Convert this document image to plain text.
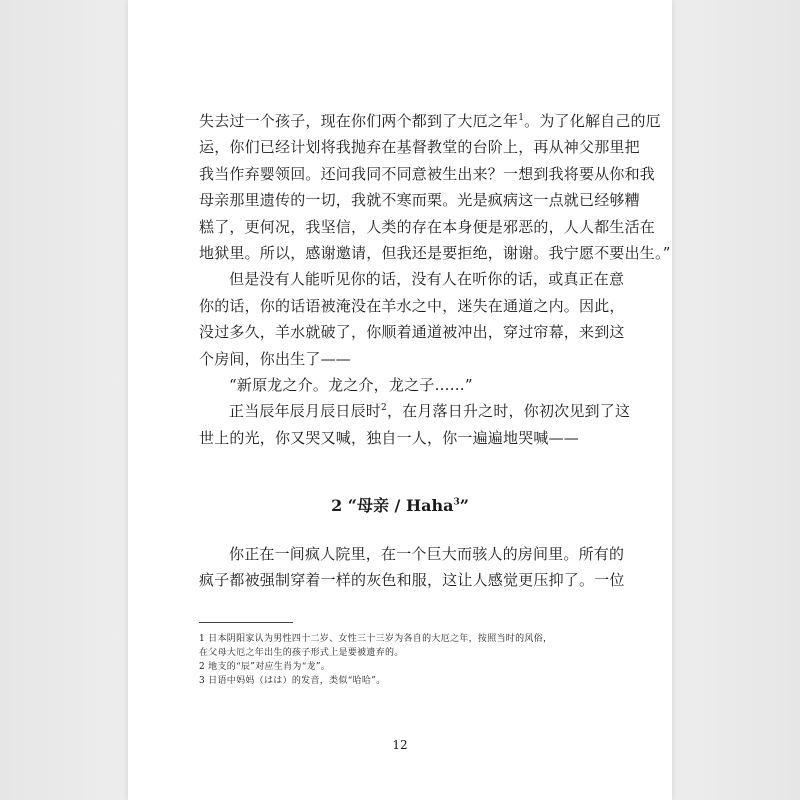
失去过一个孩子，现在你们两个都到了大厄之年$^1$。为了化解自己的厄
运，你们已经计划将我抛弃在基督教堂的台阶上，再从神父那里把
我当作弃婴领回。还问我同不同意被生出来？一想到我将要从你和我
母亲那里遗传的一切，我就不寒而栗。光是疯病这一点就已经够糟
糕了，更何况，我坚信，人类的存在本身便是邪恶的，人人都生活在
地狱里。所以，感谢邀请，但我还是要拒绝，谢谢。我宁愿不要出生。”
但是没有人能听见你的话，没有人在听你的话，或真正在意
你的话，你的话语被淹没在羊水之中，迷失在通道之内。因此，
没过多久，羊水就破了，你顺着通道被冲出，穿过帘幕，来到这
个房间，你出生了——
“新原龙之介。龙之介，龙之子……”
正当辰年辰月辰日辰时$^2$，在月落日升之时，你初次见到了这
世上的光，你又哭又喊，独自一人，你一遍遍地哭喊——
2 “母亲 / Haha$^3$”
你正在一间疯人院里，在一个巨大而骇人的房间里。所有的
疯子都被强制穿着一样的灰色和服，这让人感觉更压抑了。一位
1 日本阴阳家认为男性四十二岁、女性三十三岁为各自的大厄之年，按照当时的风俗，
在父母大厄之年出生的孩子形式上是要被遗弃的。
2 地支的“辰”对应生肖为“龙”。
3 日语中妈妈（はは）的发音，类似“哈哈”。
12
